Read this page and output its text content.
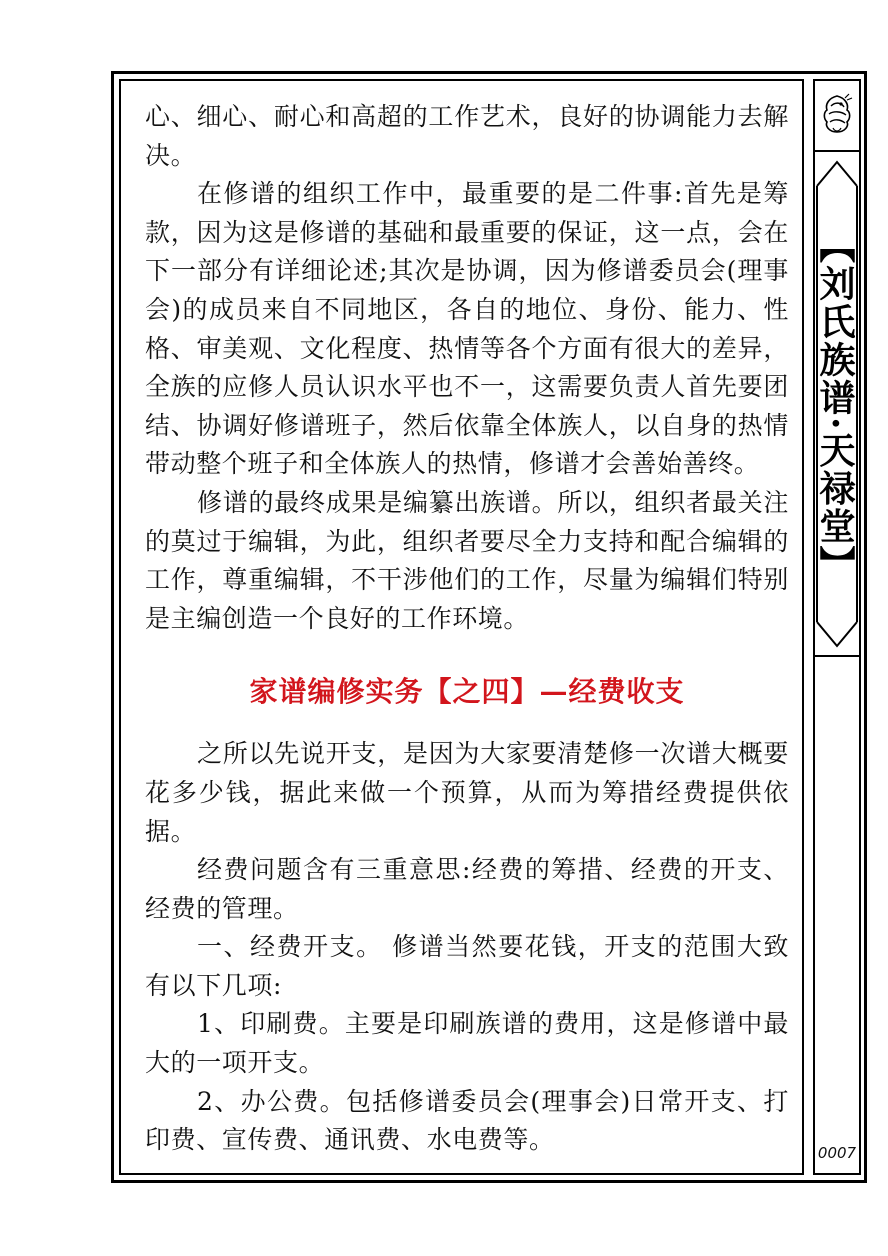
【刘氏族谱·天禄堂】

心、细心、耐心和高超的工作艺术，良好的协调能力去解决。

在修谱的组织工作中，最重要的是二件事:首先是筹款，因为这是修谱的基础和最重要的保证，这一点，会在下一部分有详细论述;其次是协调，因为修谱委员会(理事会)的成员来自不同地区，各自的地位、身份、能力、性格、审美观、文化程度、热情等各个方面有很大的差异，全族的应修人员认识水平也不一，这需要负责人首先要团结、协调好修谱班子，然后依靠全体族人，以自身的热情带动整个班子和全体族人的热情，修谱才会善始善终。

修谱的最终成果是编纂出族谱。所以，组织者最关注的莫过于编辑，为此，组织者要尽全力支持和配合编辑的工作，尊重编辑，不干涉他们的工作，尽量为编辑们特别是主编创造一个良好的工作环境。

家谱编修实务【之四】—经费收支

之所以先说开支，是因为大家要清楚修一次谱大概要花多少钱，据此来做一个预算，从而为筹措经费提供依据。

经费问题含有三重意思:经费的筹措、经费的开支、经费的管理。

一、经费开支。 修谱当然要花钱，开支的范围大致有以下几项:

1、印刷费。主要是印刷族谱的费用，这是修谱中最大的一项开支。

2、办公费。包括修谱委员会(理事会)日常开支、打印费、宣传费、通讯费、水电费等。	0007
